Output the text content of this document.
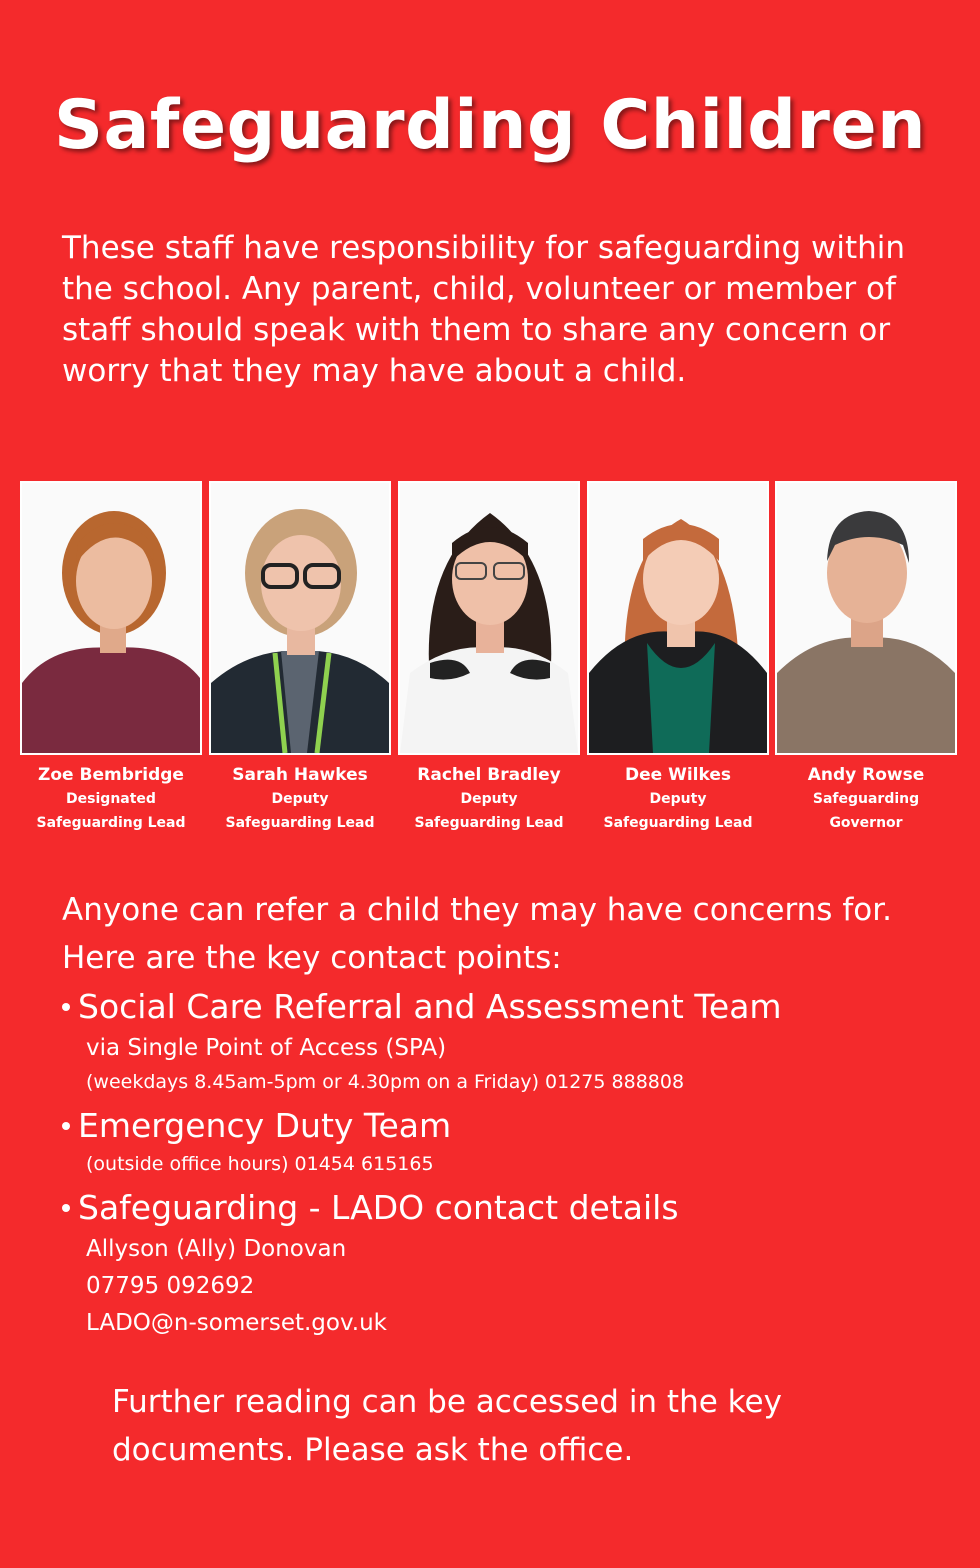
Safeguarding Children

These staff have responsibility for safeguarding within the school. Any parent, child, volunteer or member of staff should speak with them to share any concern or worry that they may have about a child.

Zoe Bembridge
Designated
Safeguarding Lead
Sarah Hawkes
Deputy
Safeguarding Lead
Rachel Bradley
Deputy
Safeguarding Lead
Dee Wilkes
Deputy
Safeguarding Lead
Andy Rowse
Safeguarding
Governor

Anyone can refer a child they may have concerns for. Here are the key contact points:

Social Care Referral and Assessment Team
via Single Point of Access (SPA)
(weekdays 8.45am-5pm or 4.30pm on a Friday) 01275 888808
Emergency Duty Team
(outside office hours) 01454 615165
Safeguarding - LADO contact details
Allyson (Ally) Donovan
07795 092692
LADO@n-somerset.gov.uk

Further reading can be accessed in the key documents. Please ask the office.
